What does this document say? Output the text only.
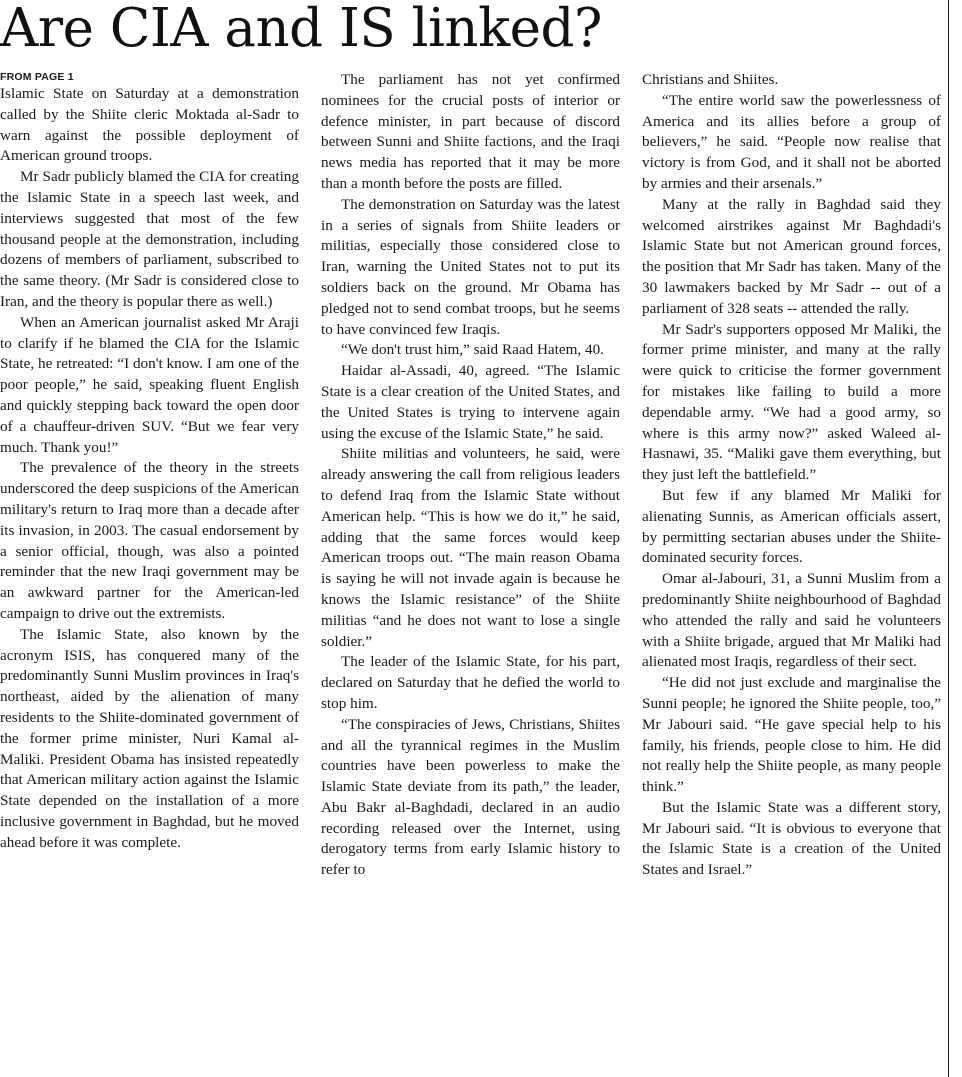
Are CIA and IS linked?
FROM PAGE 1

Islamic State on Saturday at a demonstration called by the Shiite cleric Moktada al-Sadr to warn against the possible deployment of American ground troops.

Mr Sadr publicly blamed the CIA for creating the Islamic State in a speech last week, and interviews suggested that most of the few thousand people at the demonstration, including dozens of members of parliament, subscribed to the same theory. (Mr Sadr is considered close to Iran, and the theory is popular there as well.)

When an American journalist asked Mr Araji to clarify if he blamed the CIA for the Islamic State, he retreated: “I don't know. I am one of the poor people,” he said, speaking fluent English and quickly stepping back toward the open door of a chauffeur-driven SUV. “But we fear very much. Thank you!”

The prevalence of the theory in the streets underscored the deep suspicions of the American military's return to Iraq more than a decade after its invasion, in 2003. The casual endorsement by a senior official, though, was also a pointed reminder that the new Iraqi government may be an awkward partner for the American-led campaign to drive out the extremists.

The Islamic State, also known by the acronym ISIS, has conquered many of the predominantly Sunni Muslim provinces in Iraq's northeast, aided by the alienation of many residents to the Shiite-dominated government of the former prime minister, Nuri Kamal al-Maliki. President Obama has insisted repeatedly that American military action against the Islamic State depended on the installation of a more inclusive government in Baghdad, but he moved ahead before it was complete.

The parliament has not yet confirmed nominees for the crucial posts of interior or defence minister, in part because of discord between Sunni and Shiite factions, and the Iraqi news media has reported that it may be more than a month before the posts are filled.

The demonstration on Saturday was the latest in a series of signals from Shiite leaders or militias, especially those considered close to Iran, warning the United States not to put its soldiers back on the ground. Mr Obama has pledged not to send combat troops, but he seems to have convinced few Iraqis.

“We don't trust him,” said Raad Hatem, 40.

Haidar al-Assadi, 40, agreed. “The Islamic State is a clear creation of the United States, and the United States is trying to intervene again using the excuse of the Islamic State,” he said.

Shiite militias and volunteers, he said, were already answering the call from religious leaders to defend Iraq from the Islamic State without American help. “This is how we do it,” he said, adding that the same forces would keep American troops out. “The main reason Obama is saying he will not invade again is because he knows the Islamic resistance” of the Shiite militias “and he does not want to lose a single soldier.”

The leader of the Islamic State, for his part, declared on Saturday that he defied the world to stop him.

“The conspiracies of Jews, Christians, Shiites and all the tyrannical regimes in the Muslim countries have been powerless to make the Islamic State deviate from its path,” the leader, Abu Bakr al-Baghdadi, declared in an audio recording released over the Internet, using derogatory terms from early Islamic history to refer to

Christians and Shiites.

“The entire world saw the powerlessness of America and its allies before a group of believers,” he said. “People now realise that victory is from God, and it shall not be aborted by armies and their arsenals.”

Many at the rally in Baghdad said they welcomed airstrikes against Mr Baghdadi's Islamic State but not American ground forces, the position that Mr Sadr has taken. Many of the 30 lawmakers backed by Mr Sadr -- out of a parliament of 328 seats -- attended the rally.

Mr Sadr's supporters opposed Mr Maliki, the former prime minister, and many at the rally were quick to criticise the former government for mistakes like failing to build a more dependable army. “We had a good army, so where is this army now?” asked Waleed al-Hasnawi, 35. “Maliki gave them everything, but they just left the battlefield.”

But few if any blamed Mr Maliki for alienating Sunnis, as American officials assert, by permitting sectarian abuses under the Shiite-dominated security forces.

Omar al-Jabouri, 31, a Sunni Muslim from a predominantly Shiite neighbourhood of Baghdad who attended the rally and said he volunteers with a Shiite brigade, argued that Mr Maliki had alienated most Iraqis, regardless of their sect.

“He did not just exclude and marginalise the Sunni people; he ignored the Shiite people, too,” Mr Jabouri said. “He gave special help to his family, his friends, people close to him. He did not really help the Shiite people, as many people think.”

But the Islamic State was a different story, Mr Jabouri said. “It is obvious to everyone that the Islamic State is a creation of the United States and Israel.”
